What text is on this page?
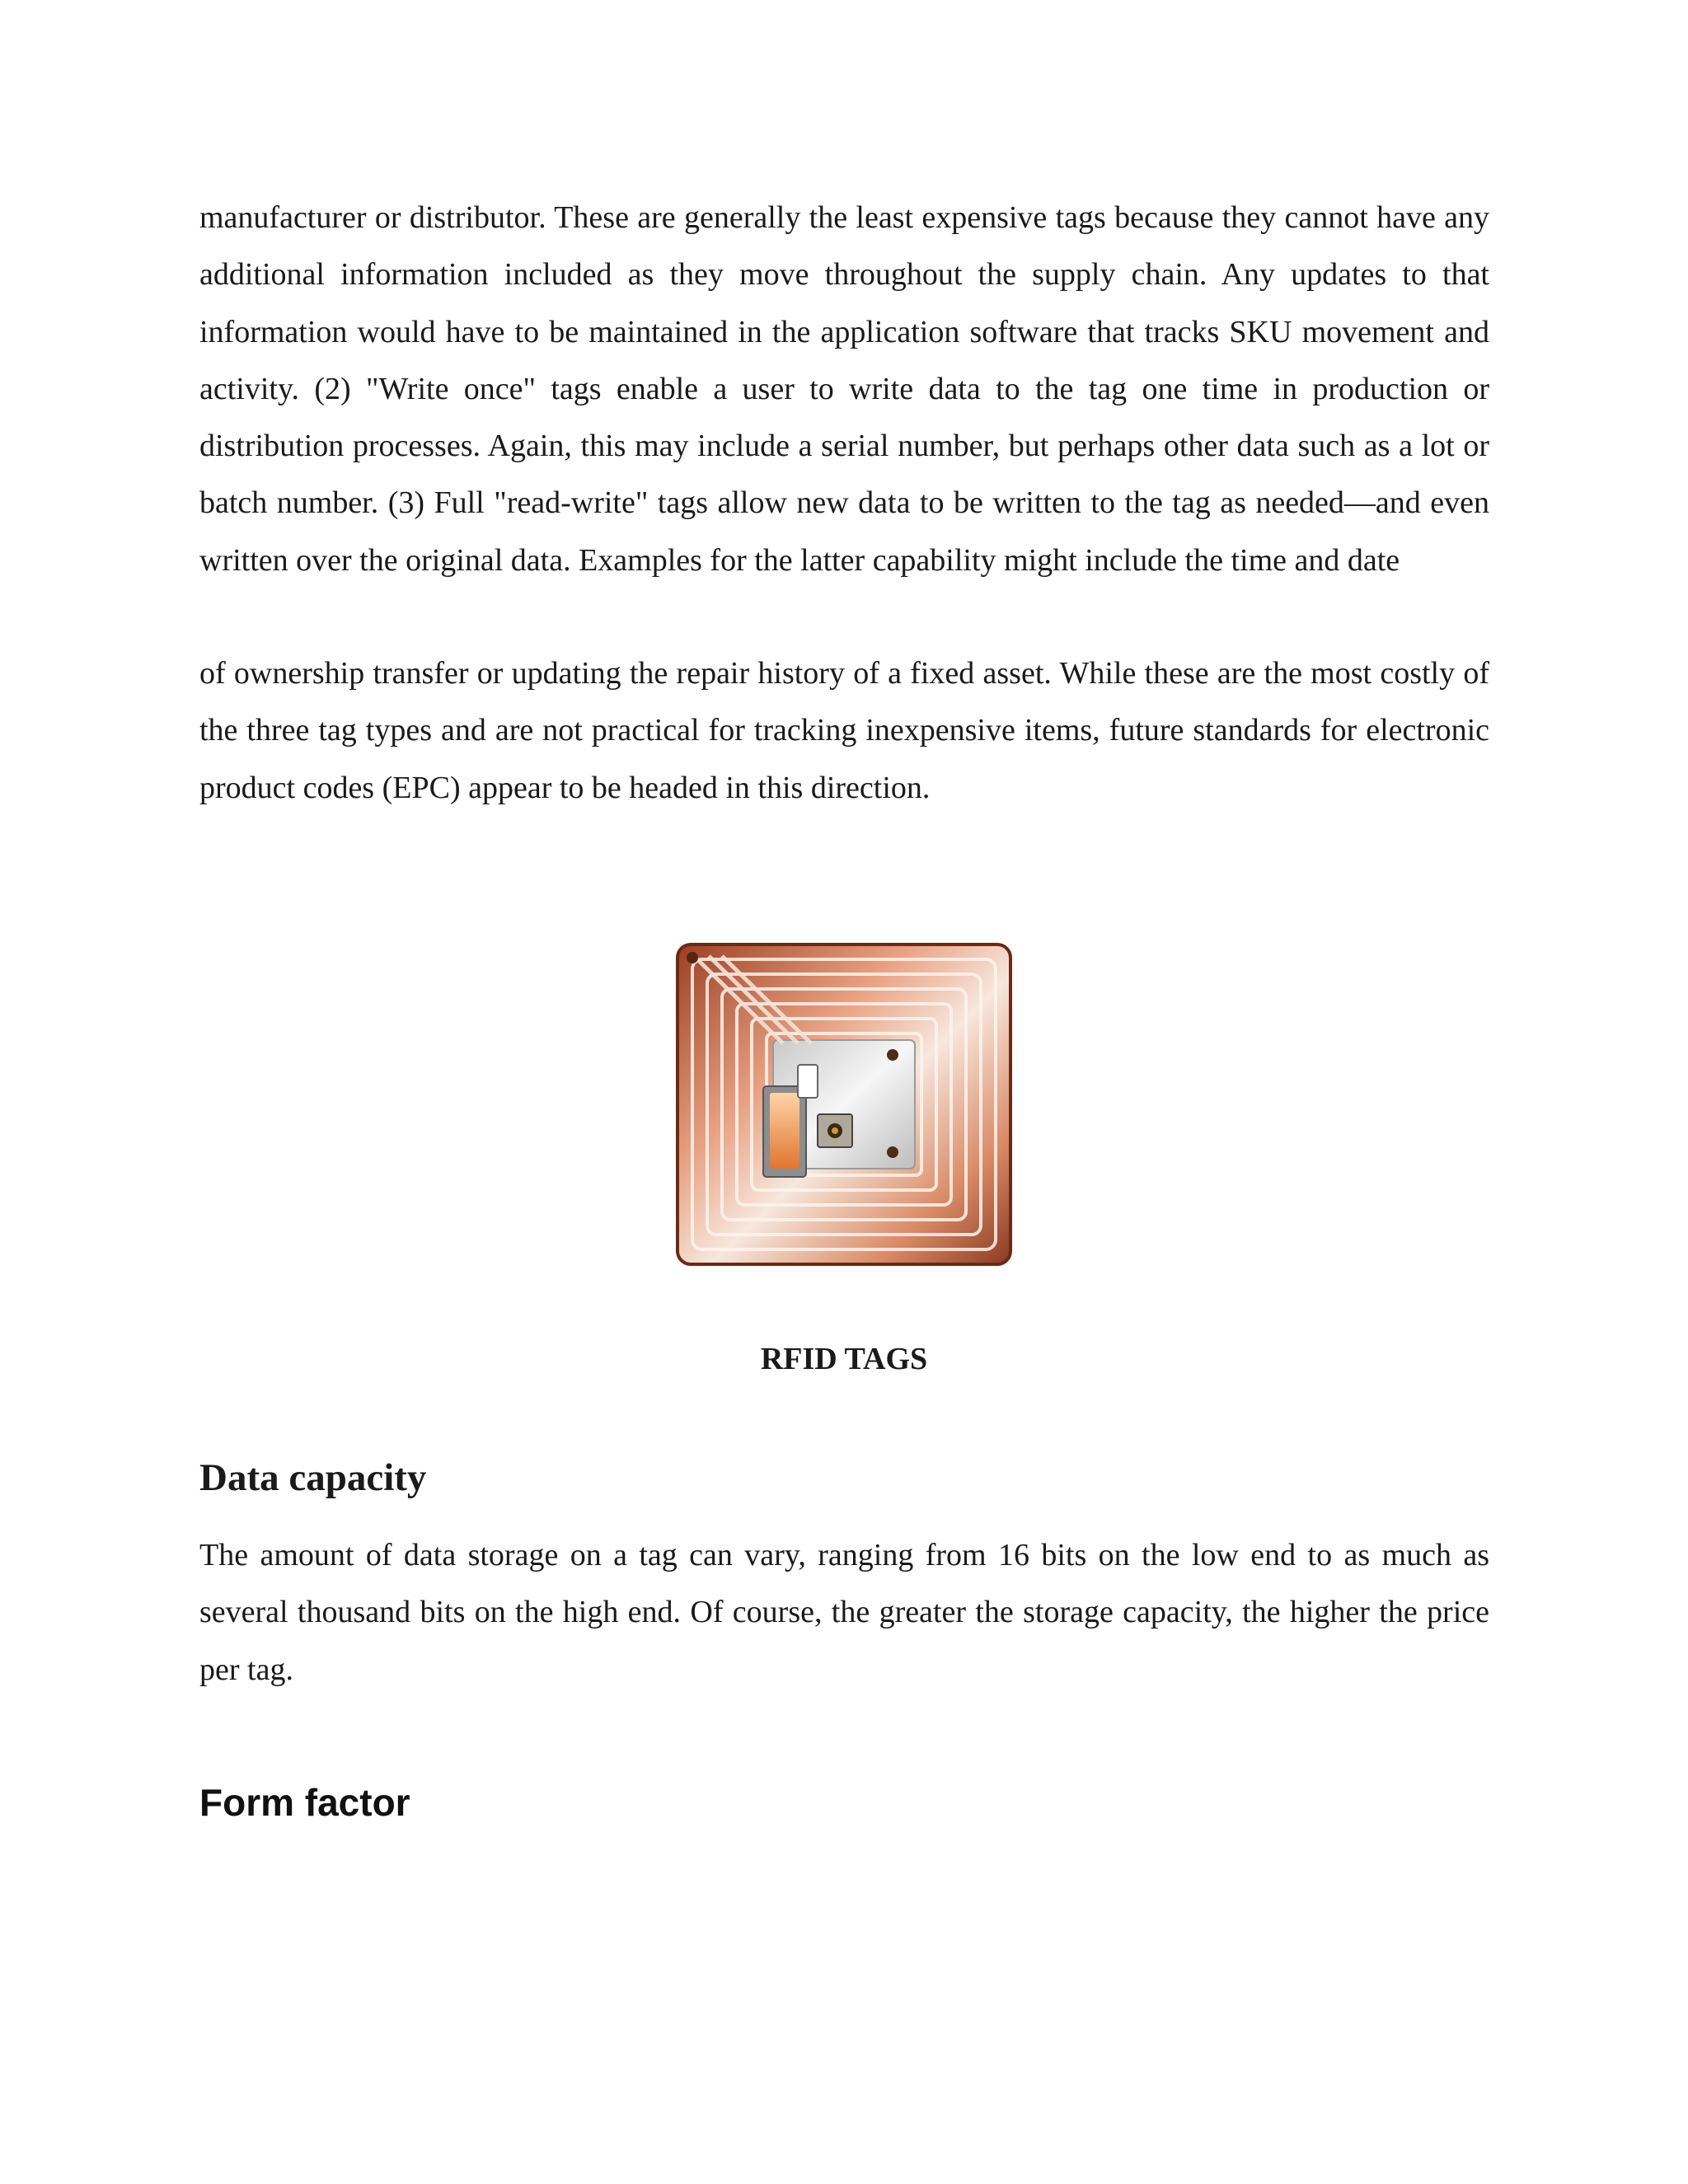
manufacturer or distributor. These are generally the least expensive tags because they cannot have any additional information included as they move throughout the supply chain. Any updates to that information would have to be maintained in the application software that tracks SKU movement and activity. (2) "Write once" tags enable a user to write data to the tag one time in production or distribution processes. Again, this may include a serial number, but perhaps other data such as a lot or batch number. (3) Full "read-write" tags allow new data to be written to the tag as needed—and even written over the original data. Examples for the latter capability might include the time and date

of ownership transfer or updating the repair history of a fixed asset. While these are the most costly of the three tag types and are not practical for tracking inexpensive items, future standards for electronic product codes (EPC) appear to be headed in this direction.

RFID TAGS

Data capacity

The amount of data storage on a tag can vary, ranging from 16 bits on the low end to as much as several thousand bits on the high end. Of course, the greater the storage capacity, the higher the price per tag.

Form factor
